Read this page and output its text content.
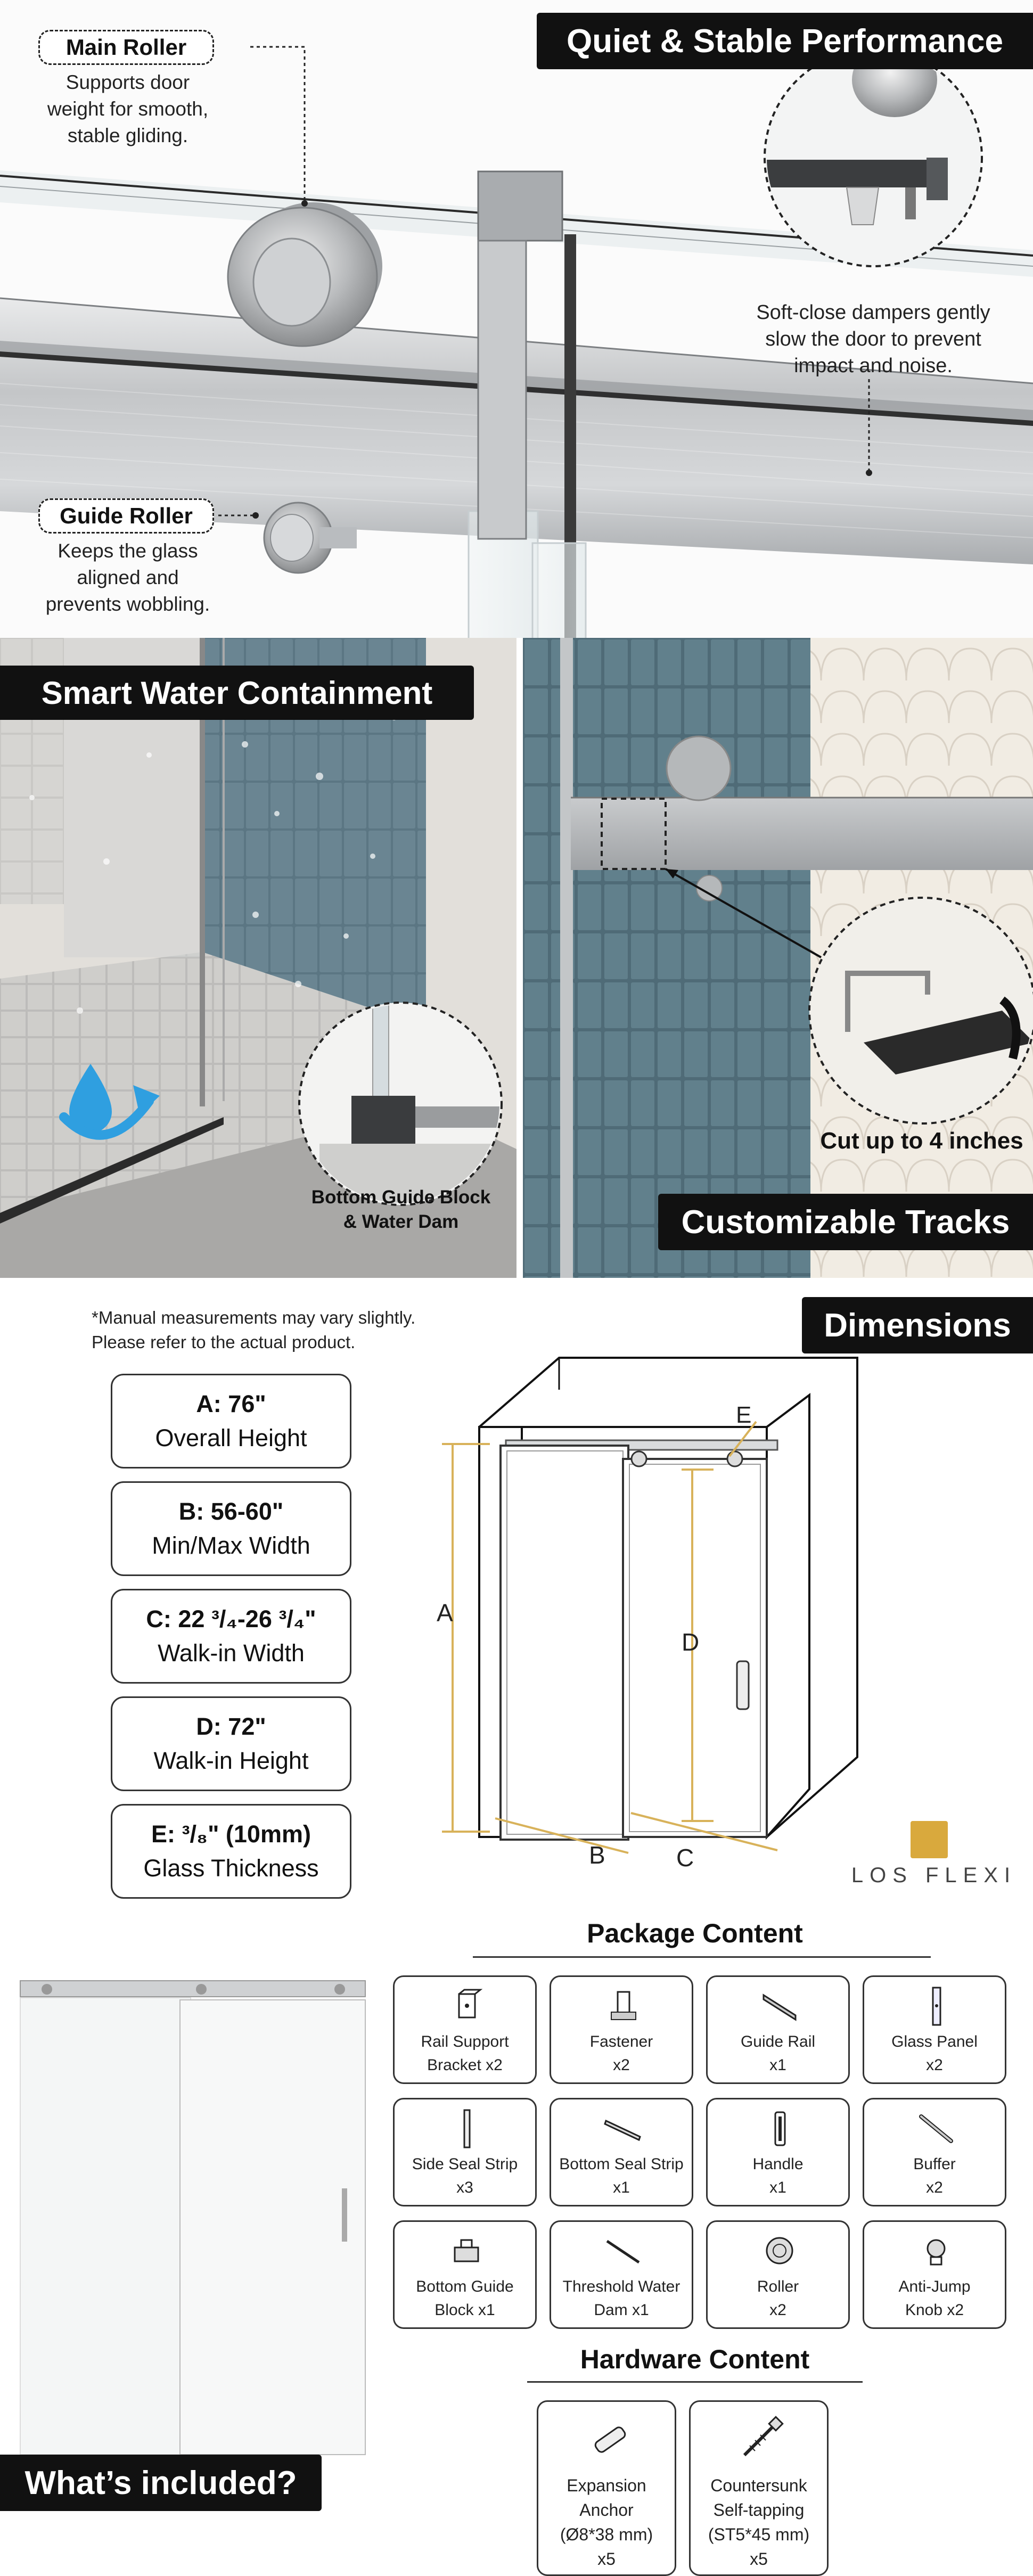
Quiet & Stable Performance
Main Roller
Supports door
weight for smooth,
stable gliding.
Guide Roller
Keeps the glass
aligned and
prevents wobbling.
Soft-close dampers gently
slow the door to prevent
impact and noise.
Smart Water Containment
Bottom Guide Block
& Water Dam
Cut up to 4 inches
Customizable Tracks
*Manual measurements may vary slightly.
Please refer to the actual product.	Dimensions
A: 76"
Overall Height
B: 56-60"
Min/Max Width
C: 22 ³/₄-26 ³/₄"
Walk-in Width
D: 72"
Walk-in Height
E: ³/₈" (10mm)
Glass Thickness
A
D
B	C
E
LOS FLEXI
Package Content
What’s included?
Rail Support
Bracket x2
Fastener
x2
Guide Rail
x1
Glass Panel
x2
Side Seal Strip
x3
Bottom Seal Strip
x1
Handle
x1
Buffer
x2
Bottom Guide
Block x1
Threshold Water
Dam x1
Roller
x2
Anti-Jump
Knob x2
Hardware Content
Expansion
Anchor
(Ø8*38 mm)
x5
Countersunk
Self-tapping
(ST5*45 mm)
x5
